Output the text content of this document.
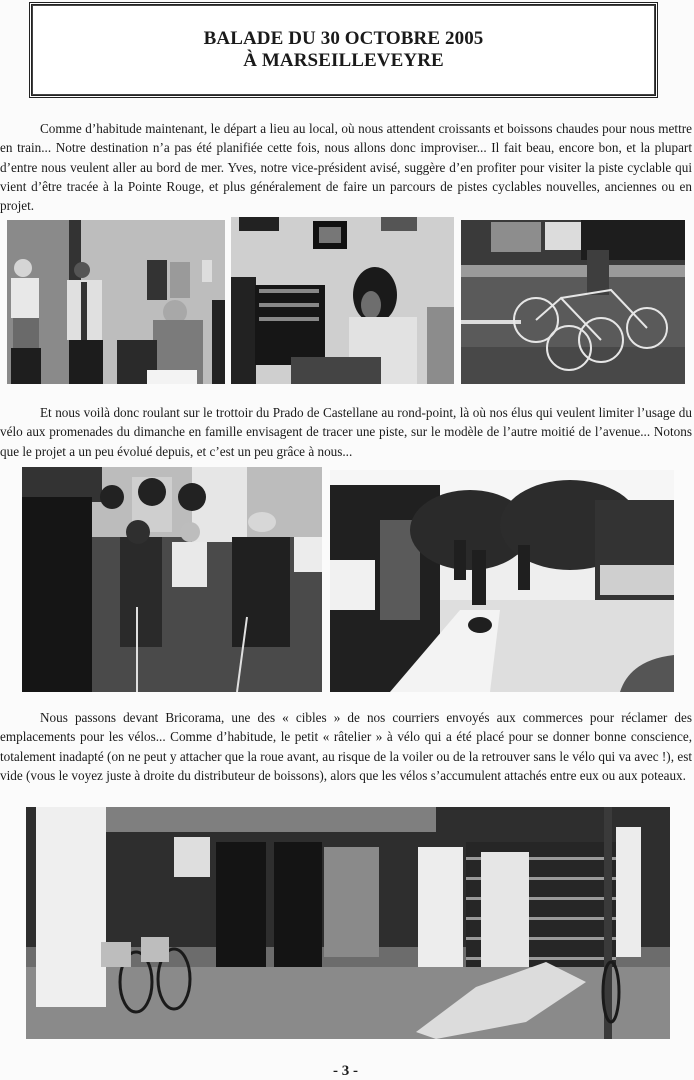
BALADE DU 30 OCTOBRE 2005
À MARSEILLEVEYRE

Comme d’habitude maintenant, le départ a lieu au local, où nous attendent croissants et boissons chaudes pour nous mettre en train... Notre destination n’a pas été planifiée cette fois, nous allons donc improviser... Il fait beau, encore bon, et la plupart d’entre nous veulent aller au bord de mer. Yves, notre vice-président avisé, suggère d’en profiter pour visiter la piste cyclable qui vient d’être tracée à la Pointe Rouge, et plus généralement de faire un parcours de pistes cyclables nouvelles, anciennes ou en projet.

Et nous voilà donc roulant sur le trottoir du Prado de Castellane au rond-point, là où nos élus qui veulent limiter l’usage du vélo aux promenades du dimanche en famille envisagent de tracer une piste, sur le modèle de l’autre moitié de l’avenue... Notons que le projet a un peu évolué depuis, et c’est un peu grâce à nous...

Nous passons devant Bricorama, une des « cibles » de nos courriers envoyés aux commerces pour réclamer des emplacements pour les vélos... Comme d’habitude, le petit « râtelier » à vélo qui a été placé pour se donner bonne conscience, totalement inadapté (on ne peut y attacher que la roue avant, au risque de la voiler ou de la retrouver sans le vélo qui va avec !), est vide (vous le voyez juste à droite du distributeur de boissons), alors que les vélos s’accumulent attachés entre eux ou aux poteaux.

- 3 -
